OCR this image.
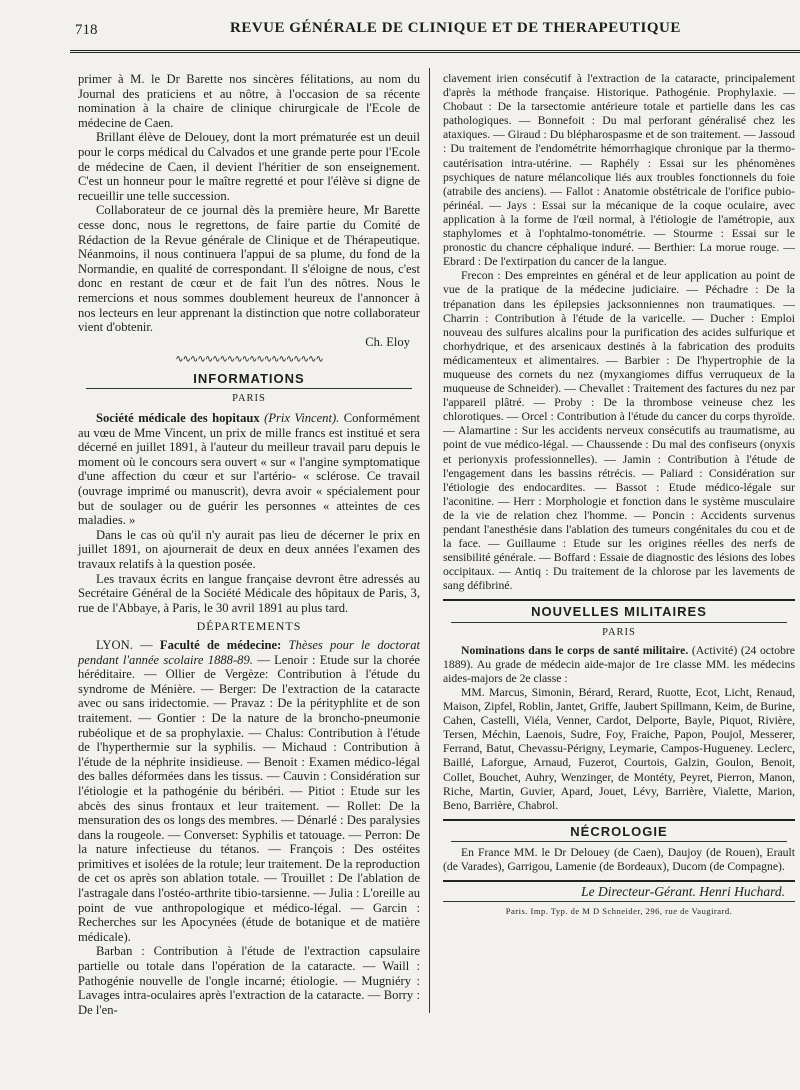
718	REVUE GÉNÉRALE DE CLINIQUE ET DE THERAPEUTIQUE

primer à M. le Dr Barette nos sincères félitations, au nom du Journal des praticiens et au nôtre, à l'occasion de sa récente nomination à la chaire de clinique chirurgicale de l'Ecole de médecine de Caen.

Brillant élève de Delouey, dont la mort prématurée est un deuil pour le corps médical du Calvados et une grande perte pour l'Ecole de médecine de Caen, il devient l'héritier de son enseignement. C'est un honneur pour le maître regretté et pour l'élève si digne de recueillir une telle succession.

Collaborateur de ce journal dès la première heure, Mr Barette cesse donc, nous le regrettons, de faire partie du Comité de Rédaction de la Revue générale de Clinique et de Thérapeutique. Néanmoins, il nous continuera l'appui de sa plume, du fond de la Normandie, en qualité de correspondant. Il s'éloigne de nous, c'est donc en restant de cœur et de fait l'un des nôtres. Nous le remercions et nous sommes doublement heureux de l'annoncer à nos lecteurs en leur apprenant la distinction que notre collaborateur vient d'obtenir.

Ch. Eloy
∿∿∿∿∿∿∿∿∿∿∿∿∿∿∿∿∿∿∿∿
INFORMATIONS
PARIS

Société médicale des hopitaux (Prix Vincent). Conformément au vœu de Mme Vincent, un prix de mille francs est institué et sera décerné en juillet 1891, à l'auteur du meilleur travail paru depuis le moment où le concours sera ouvert « sur « l'angine symptomatique d'une affection du cœur et sur l'artério- « sclérose. Ce travail (ouvrage imprimé ou manuscrit), devra avoir « spécialement pour but de soulager ou de guérir les personnes « atteintes de ces maladies. »

Dans le cas où qu'il n'y aurait pas lieu de décerner le prix en juillet 1891, on ajournerait de deux en deux années l'examen des travaux relatifs à la question posée.

Les travaux écrits en langue française devront être adressés au Secrétaire Général de la Société Médicale des hôpitaux de Paris, 3, rue de l'Abbaye, à Paris, le 30 avril 1891 au plus tard.

DÉPARTEMENTS

LYON. — Faculté de médecine: Thèses pour le doctorat pendant l'année scolaire 1888-89. — Lenoir : Etude sur la chorée héréditaire. — Ollier de Vergèze: Contribution à l'étude du syndrome de Ménière. — Berger: De l'extraction de la cataracte avec ou sans iridectomie. — Pravaz : De la pérityphlite et de son traitement. — Gontier : De la nature de la broncho-pneumonie rubéolique et de sa prophylaxie. — Chalus: Contribution à l'étude de l'hyperthermie sur la syphilis. — Michaud : Contribution à l'étude de la néphrite insidieuse. — Benoit : Examen médico-légal des balles déformées dans les tissus. — Cauvin : Considération sur l'étiologie et la pathogénie du béribéri. — Pitiot : Etude sur les abcès des sinus frontaux et leur traitement. — Rollet: De la mensuration des os longs des membres. — Dénarlé : Des paralysies dans la rougeole. — Converset: Syphilis et tatouage. — Perron: De la nature infectieuse du tétanos. — François : Des ostéites primitives et isolées de la rotule; leur traitement. De la reproduction de cet os après son ablation totale. — Trouillet : De l'ablation de l'astragale dans l'ostéo-arthrite tibio-tarsienne. — Julia : L'oreille au point de vue anthropologique et médico-légal. — Garcin : Recherches sur les Apocynées (étude de botanique et de matière médicale).

Barban : Contribution à l'étude de l'extraction capsulaire partielle ou totale dans l'opération de la cataracte. — Waill : Pathogénie nouvelle de l'ongle incarné; étiologie. — Mugniéry : Lavages intra-oculaires après l'extraction de la cataracte. — Borry : De l'en-

clavement irien consécutif à l'extraction de la cataracte, principalement d'après la méthode française. Historique. Pathogénie. Prophylaxie. — Chobaut : De la tarsectomie antérieure totale et partielle dans les cas pathologiques. — Bonnefoit : Du mal perforant généralisé chez les ataxiques. — Giraud : Du blépharospasme et de son traitement. — Jassoud : Du traitement de l'endométrite hémorrhagique chronique par la thermo-cautérisation intra-utérine. — Raphély : Essai sur les phénomènes psychiques de nature mélancolique liés aux troubles fonctionnels du foie (atrabile des anciens). — Fallot : Anatomie obstétricale de l'orifice pubio-périnéal. — Jays : Essai sur la mécanique de la coque oculaire, avec application à la forme de l'œil normal, à l'étiologie de l'amétropie, aux staphylomes et à l'ophtalmo-tonométrie. — Stourme : Essai sur le pronostic du chancre céphalique induré. — Berthier: La morue rouge. — Ebrard : De l'extirpation du cancer de la langue.

Frecon : Des empreintes en général et de leur application au point de vue de la pratique de la médecine judiciaire. — Péchadre : De la trépanation dans les épilepsies jacksonniennes non traumatiques. — Charrin : Contribution à l'étude de la varicelle. — Ducher : Emploi nouveau des sulfures alcalins pour la purification des acides sulfurique et chorhydrique, et des arsenicaux destinés à la fabrication des produits médicamenteux et alimentaires. — Barbier : De l'hypertrophie de la muqueuse des cornets du nez (myxangiomes diffus verruqueux de la muqueuse de Schneider). — Chevallet : Traitement des factures du nez par l'appareil plâtré. — Proby : De la thrombose veineuse chez les chlorotiques. — Orcel : Contribution à l'étude du cancer du corps thyroïde. — Alamartine : Sur les accidents nerveux consécutifs au traumatisme, au point de vue médico-légal. — Chaussende : Du mal des confiseurs (onyxis et perionyxis professionnelles). — Jamin : Contribution à l'étude de l'engagement dans les bassins rétrécis. — Paliard : Considération sur l'étiologie des endocardites. — Bassot : Etude médico-légale sur l'aconitine. — Herr : Morphologie et fonction dans le système musculaire de la vie de relation chez l'homme. — Poncin : Accidents survenus pendant l'anesthésie dans l'ablation des tumeurs congénitales du cou et de la face. — Guillaume : Etude sur les origines réelles des nerfs de sensibilité générale. — Boffard : Essaie de diagnostic des lésions des lobes occipitaux. — Antiq : Du traitement de la chlorose par les lavements de sang défibriné.

NOUVELLES MILITAIRES
PARIS

Nominations dans le corps de santé militaire. (Activité) (24 octobre 1889). Au grade de médecin aide-major de 1re classe MM. les médecins aides-majors de 2e classe :

MM. Marcus, Simonin, Bérard, Rerard, Ruotte, Ecot, Licht, Renaud, Maison, Zipfel, Roblin, Jantet, Griffe, Jaubert Spillmann, Keim, de Burine, Cahen, Castelli, Viéla, Venner, Cardot, Delporte, Bayle, Piquot, Rivière, Tersen, Méchin, Laenois, Sudre, Foy, Fraiche, Papon, Poujol, Messerer, Ferrand, Batut, Chevassu-Périgny, Leymarie, Campos-Hugueney. Leclerc, Baillé, Laforgue, Arnaud, Fuzerot, Courtois, Galzin, Goulon, Benoit, Collet, Bouchet, Auhry, Wenzinger, de Montéty, Peyret, Pierron, Manon, Riche, Martin, Guvier, Apard, Jouet, Lévy, Barrière, Vialette, Marion, Beno, Barrière, Chabrol.

NÉCROLOGIE

En France MM. le Dr Delouey (de Caen), Daujoy (de Rouen), Erault (de Varades), Garrigou, Lamenie (de Bordeaux), Ducom (de Compagne).

Le Directeur-Gérant. Henri Huchard.
Paris. Imp. Typ. de M D Schneider, 296, rue de Vaugirard.
